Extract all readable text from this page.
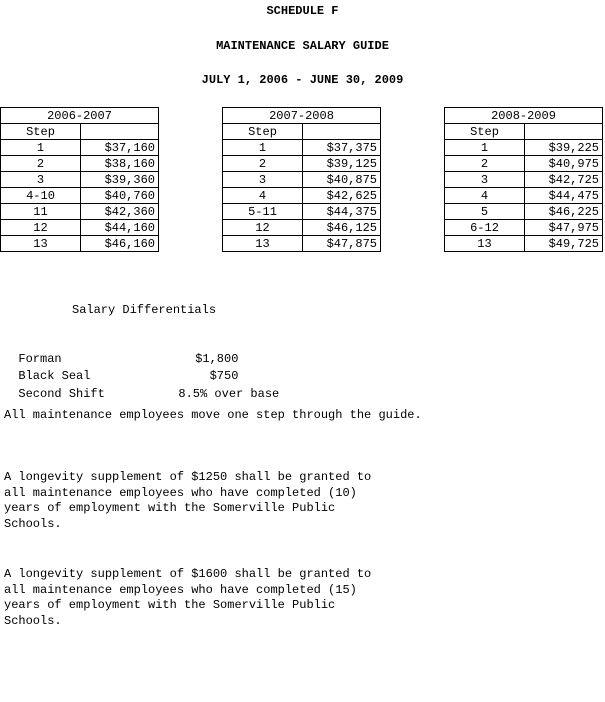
SCHEDULE F
MAINTENANCE SALARY GUIDE
JULY 1, 2006 - JUNE 30, 2009
2006-2007	
Step	
1	$37,160
2	$38,160
3	$39,360
4-10	$40,760
11	$42,360
12	$44,160
13	$46,160
2007-2008	
Step	
1	$37,375
2	$39,125
3	$40,875
4	$42,625
5-11	$44,375
12	$46,125
13	$47,875
2008-2009	
Step	
1	$39,225
2	$40,975
3	$42,725
4	$44,475
5	$46,225
6-12	$47,975
13	$49,725
Salary Differentials

Forman	$1,800

Black Seal	$750

Second Shift	8.5% over base

All maintenance employees move one step through the guide.
A longevity supplement of $1250 shall be granted to
all maintenance employees who have completed (10)
years of employment with the Somerville Public
Schools.
A longevity supplement of $1600 shall be granted to
all maintenance employees who have completed (15)
years of employment with the Somerville Public
Schools.
